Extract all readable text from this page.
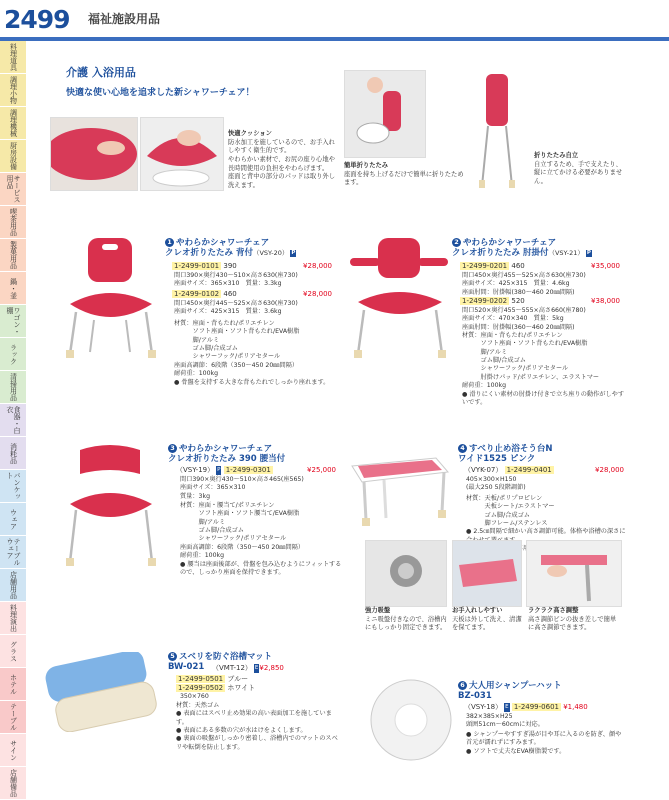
2499 福祉施設用品
料理道具
調理小物
調理機械
厨房設備
サービス用品
喫茶用品
製菓用品
鍋・釜
ワゴン・棚
ラック
清掃用品
食器・白衣
消耗品
バンケット
ウェア
テーブルウェア
店舗用品
料理演出
グラス
ホテル
テーブル
サイン
店舗備品
介護 入浴用品
快適な使い心地を追求した新シャワーチェア！
快適クッション
防水加工を施しているので、お手入れしやすく衛生的です。
やわらかい素材で、お尻の座り心地や長時間使用の負担をやわらげます。
座面と背中の部分のパッドは取り外し洗えます。
簡単折りたたみ
座面を持ち上げるだけで簡単に折りたためます。
折りたたみ自立
自立するため、手で支えたり、縦に立てかける必要がありません。
1 やわらかシャワーチェア
クレオ折りたたみ 背付（VSY-20） P
1-2499-0101 390	¥28,000
間口390×奥行430～510×高さ630(座730)
座面サイズ：365×310　質量：3.3kg
1-2499-0102 460	¥28,000
間口450×奥行445～525×高さ630(座730)
座面サイズ：425×315　質量：3.6kg
材質：座面・背もたれ/ポリエチレン
　　　ソフト座面・ソフト背もたれ/EVA樹脂
　　　脚/アルミ
　　　ゴム脚/合成ゴム
　　　シャワーフック/ポリアセタール
座面高調節：6段階（350～450 20㎜間隔）
耐荷重：100kg
● 骨盤を支持する大きな背もたれでしっかり座れます。
2 やわらかシャワーチェア
クレオ折りたたみ 肘掛付（VSY-21） P
1-2499-0201 460	¥35,000
間口450×奥行455～525×高さ630(座730)
座面サイズ：425×315　質量：4.6kg
座面肘間：肘掛幅(380～460 20㎜間隔)
1-2499-0202 520	¥38,000
間口520×奥行455～555×高さ660(座780)
座面サイズ：470×340　質量：5kg
座面肘間：肘掛幅(360～460 20㎜間隔)
材質：座面・背もたれ/ポリエチレン
　　　ソフト座面・ソフト背もたれ/EVA樹脂
　　　脚/アルミ
　　　ゴム脚/合成ゴム
　　　シャワーフック/ポリアセタール
　　　肘掛けパッド/ポリエチレン、エラストマー
耐荷重：100kg
● 滑りにくい素材の肘掛け付きで立ち座りの動作がしやすいです。
3 やわらかシャワーチェア
クレオ折りたたみ 390 腰当付
（VSY-19） P 1-2499-0301	¥25,000
間口390×奥行430～510×高さ465(座565)
座面サイズ：365×310
質量：3kg
材質：座面・腰当て/ポリエチレン
　　　ソフト座面・ソフト腰当て/EVA樹脂
　　　脚/アルミ
　　　ゴム脚/合成ゴム
　　　シャワーフック/ポリアセタール
座面高調節：6段階（350～450 20㎜間隔）
耐荷重：100kg
● 腰当は座面後部が、骨盤を包み込むようにフィットするので、しっかり座面を保持できます。
4 すべり止め浴そう台N
ワイド1525 ピンク
（VYK-07） 1-2499-0401	¥28,000
405×300×H150
(最大250 5段階調節)
材質：天板/ポリプロピレン
　　　天板シート/エラストマー
　　　ゴム脚/合成ゴム
　　　脚フレーム/ステンレス
● 2.5㎝間隔で細かい高さ調節可能。体格や浴槽の深さに

強力吸盤
ミニ吸盤付きなので、浴槽内にもしっかり固定できます。
お手入れしやすい
天板は外して洗え、清潔を保てます。
ラクラク高さ調整
高さ調節ピンの抜き差しで簡単に高さ調節できます。
5 スベリを防ぐ浴槽マット
BW-021	（VMT-12） E¥2,850
1-2499-0501 ブルー
1-2499-0502 ホワイト
350×760
材質：天然ゴム
● 表面にはスベリ止め効果の高い表面加工を施しています。
● 表面にある多数の穴が水はけをよくします。
● 裏面の吸盤がしっかり密着し、浴槽内でのマットのスベリや転倒を防止します。
6 大人用シャンプーハット
BZ-031
（VSY-18） E 1-2499-0601 ¥1,480
382×385×H25
頭囲51cm～60cmに対応。
● シャンプーやすすぎ湯が目や耳に入るのを防ぎ、顔や首元が濡れずにすみます。
● ソフトで丈夫なEVA樹脂製です。
